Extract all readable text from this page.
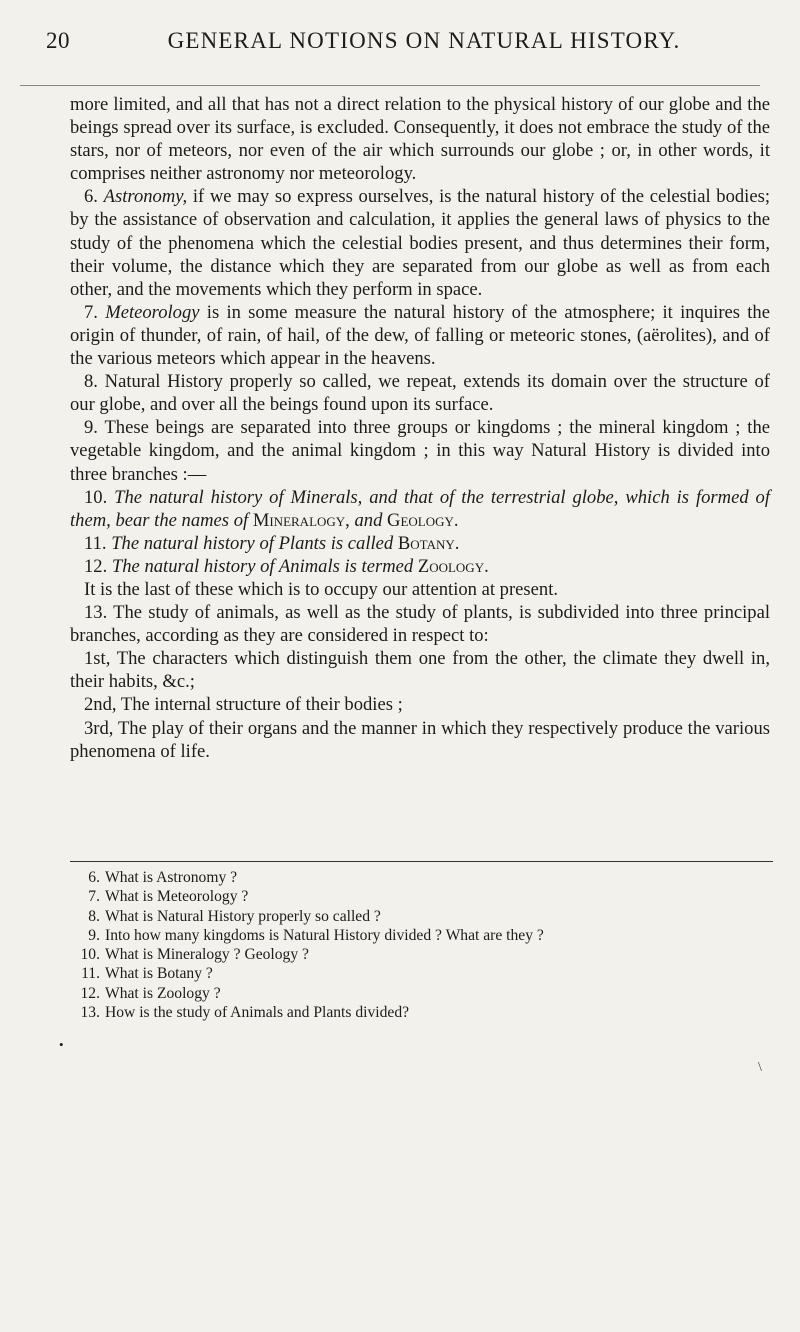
20	GENERAL NOTIONS ON NATURAL HISTORY.

more limited, and all that has not a direct relation to the physical history of our globe and the beings spread over its surface, is excluded. Consequently, it does not embrace the study of the stars, nor of meteors, nor even of the air which surrounds our globe ; or, in other words, it comprises neither astronomy nor meteorology.

6. Astronomy, if we may so express ourselves, is the natural history of the celestial bodies; by the assistance of observation and calculation, it applies the general laws of physics to the study of the phenomena which the celestial bodies present, and thus determines their form, their volume, the distance which they are separated from our globe as well as from each other, and the movements which they perform in space.

7. Meteorology is in some measure the natural history of the atmosphere; it inquires the origin of thunder, of rain, of hail, of the dew, of falling or meteoric stones, (aërolites), and of the various meteors which appear in the heavens.

8. Natural History properly so called, we repeat, extends its domain over the structure of our globe, and over all the beings found upon its surface.

9. These beings are separated into three groups or kingdoms ; the mineral kingdom ; the vegetable kingdom, and the animal kingdom ; in this way Natural History is divided into three branches :—

10. The natural history of Minerals, and that of the terrestrial globe, which is formed of them, bear the names of Mineralogy, and Geology.

11. The natural history of Plants is called Botany.

12. The natural history of Animals is termed Zoology.

It is the last of these which is to occupy our attention at present.

13. The study of animals, as well as the study of plants, is subdivided into three principal branches, according as they are considered in respect to:

1st, The characters which distinguish them one from the other, the climate they dwell in, their habits, &c.;

2nd, The internal structure of their bodies ;

3rd, The play of their organs and the manner in which they respectively produce the various phenomena of life.

6. What is Astronomy ?
7. What is Meteorology ?
8. What is Natural History properly so called ?
9. Into how many kingdoms is Natural History divided ? What are they ?
10. What is Mineralogy ? Geology ?
11. What is Botany ?
12. What is Zoology ?
13. How is the study of Animals and Plants divided?
•
\
